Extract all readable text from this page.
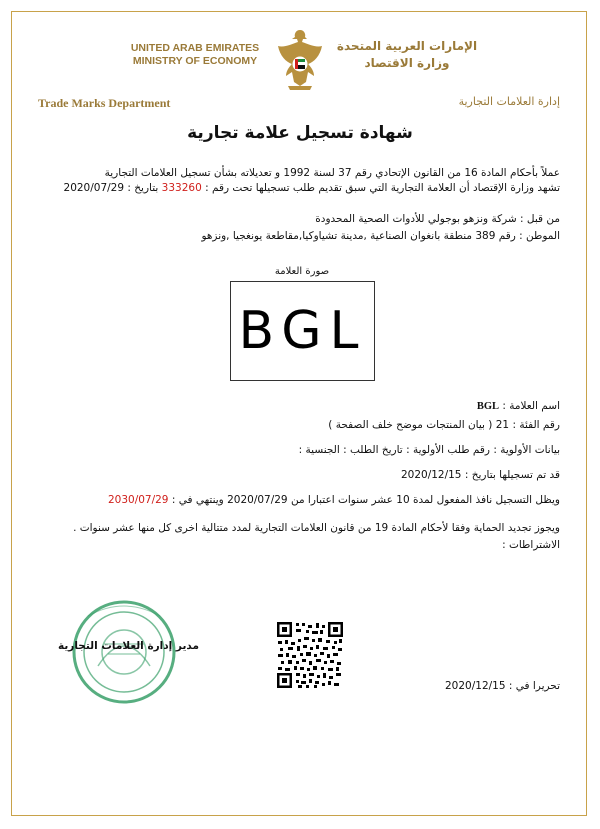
UNITED ARAB EMIRATES
MINISTRY OF ECONOMY
الإمارات العربية المتحدة
وزارة الاقتصاد
Trade Marks Department	إدارة العلامات التجارية
شهادة تسجيل علامة تجارية
عملاً بأحكام المادة 16 من القانون الإتحادي رقم 37 لسنة 1992 و تعديلاته بشأن تسجيل العلامات التجارية
تشهد وزارة الإقتصاد أن العلامة التجارية التي سبق تقديم طلب تسجيلها تحت رقم : 333260 بتاريخ : 2020/07/29
من قبل : شركة ونزهو بوجولي للأدوات الصحية المحدودة
الموطن : رقم 389 منطقة بانغوان الصناعية ,مدينة تشياوكيا,مقاطعة يونغجيا ,ونزهو
صورة العلامة
BGL
اسم العلامة : BGL
رقم الفئة : 21 ( بيان المنتجات موضح خلف الصفحة )
بيانات الأولوية : رقم طلب الأولوية : تاريخ الطلب : الجنسية :
قد تم تسجيلها بتاريخ : 2020/12/15
ويظل التسجيل نافذ المفعول لمدة 10 عشر سنوات اعتبارا من 2020/07/29 وينتهي في : 2030/07/29
ويجوز تجديد الحماية وفقا لأحكام المادة 19 من قانون العلامات التجارية لمدد متتالية اخرى كل منها عشر سنوات .
الاشتراطات :
مدير إدارة العلامات التجارية
تحريرا في : 2020/12/15
